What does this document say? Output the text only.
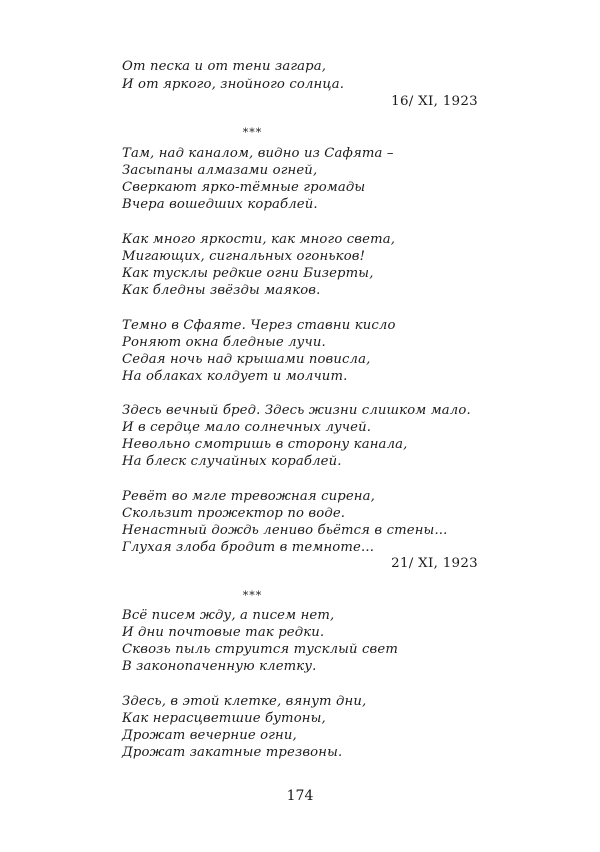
От песка и от тени загара,
И от яркого, знойного солнца.
16/ XI, 1923
***
Там, над каналом, видно из Сафята –
Засыпаны алмазами огней,
Сверкают ярко-тёмные громады
Вчера вошедших кораблей.
Как много яркости, как много света,
Мигающих, сигнальных огоньков!
Как тусклы редкие огни Бизерты,
Как бледны звёзды маяков.
Темно в Сфаяте. Через ставни кисло
Роняют окна бледные лучи.
Седая ночь над крышами повисла,
На облаках колдует и молчит.
Здесь вечный бред. Здесь жизни слишком мало.
И в сердце мало солнечных лучей.
Невольно смотришь в сторону канала,
На блеск случайных кораблей.
Ревёт во мгле тревожная сирена,
Скользит прожектор по воде.
Ненастный дождь лениво бьётся в стены...
Глухая злоба бродит в темноте...
21/ XI, 1923
***
Всё писем жду, а писем нет,
И дни почтовые так редки.
Сквозь пыль струится тусклый свет
В законопаченную клетку.
Здесь, в этой клетке, вянут дни,
Как нерасцветшие бутоны,
Дрожат вечерние огни,
Дрожат закатные трезвоны.
174
